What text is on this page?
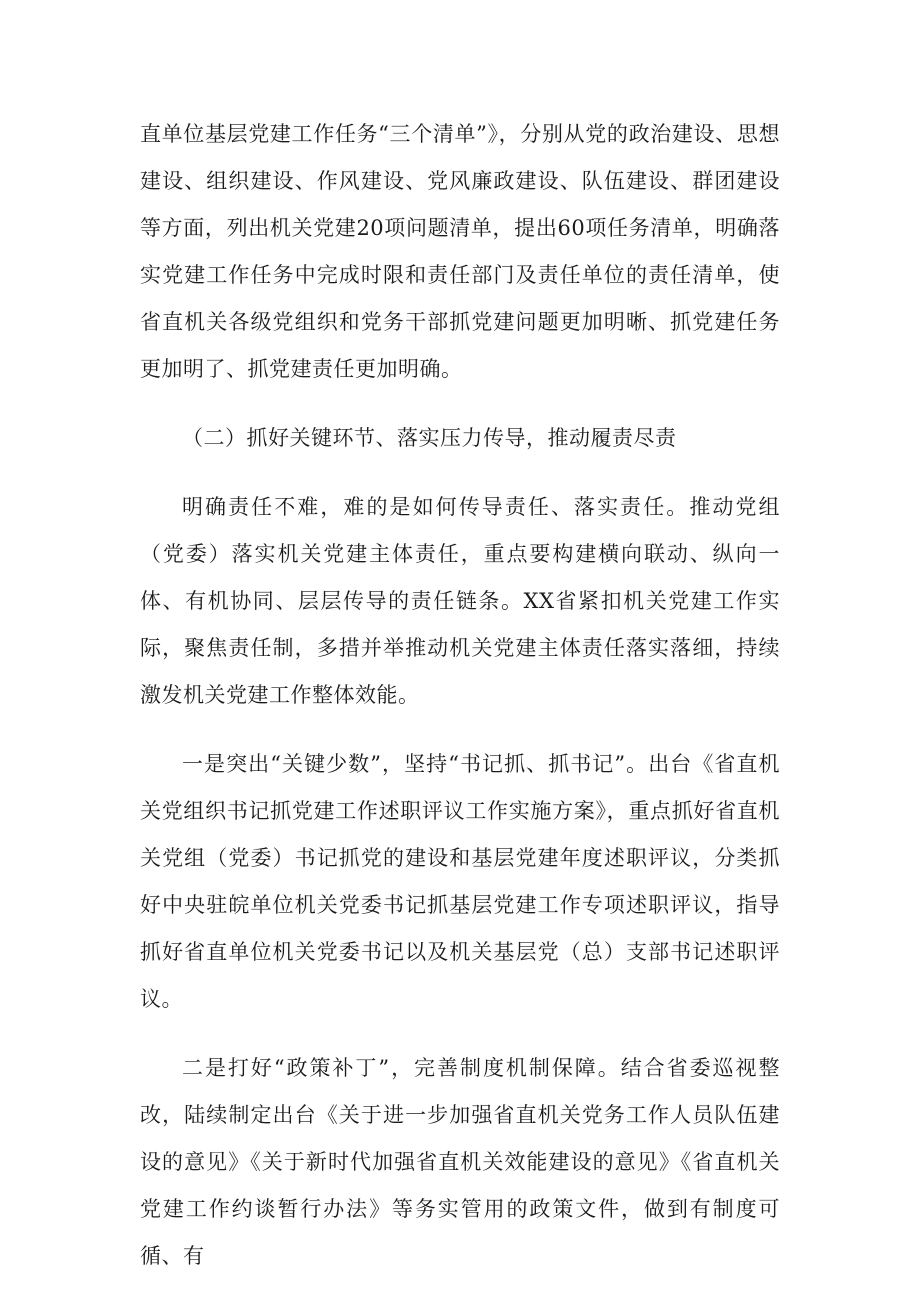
直单位基层党建工作任务“三个清单”》，分别从党的政治建设、思想建设、组织建设、作风建设、党风廉政建设、队伍建设、群团建设等方面，列出机关党建20项问题清单，提出60项任务清单，明确落实党建工作任务中完成时限和责任部门及责任单位的责任清单，使省直机关各级党组织和党务干部抓党建问题更加明晰、抓党建任务更加明了、抓党建责任更加明确。

（二）抓好关键环节、落实压力传导，推动履责尽责

明确责任不难，难的是如何传导责任、落实责任。推动党组（党委）落实机关党建主体责任，重点要构建横向联动、纵向一体、有机协同、层层传导的责任链条。XX省紧扣机关党建工作实际，聚焦责任制，多措并举推动机关党建主体责任落实落细，持续激发机关党建工作整体效能。

一是突出“关键少数”，坚持“书记抓、抓书记”。出台《省直机关党组织书记抓党建工作述职评议工作实施方案》，重点抓好省直机关党组（党委）书记抓党的建设和基层党建年度述职评议，分类抓好中央驻皖单位机关党委书记抓基层党建工作专项述职评议，指导抓好省直单位机关党委书记以及机关基层党（总）支部书记述职评议。

二是打好“政策补丁”，完善制度机制保障。结合省委巡视整改，陆续制定出台《关于进一步加强省直机关党务工作人员队伍建设的意见》《关于新时代加强省直机关效能建设的意见》《省直机关党建工作约谈暂行办法》等务实管用的政策文件，做到有制度可循、有
